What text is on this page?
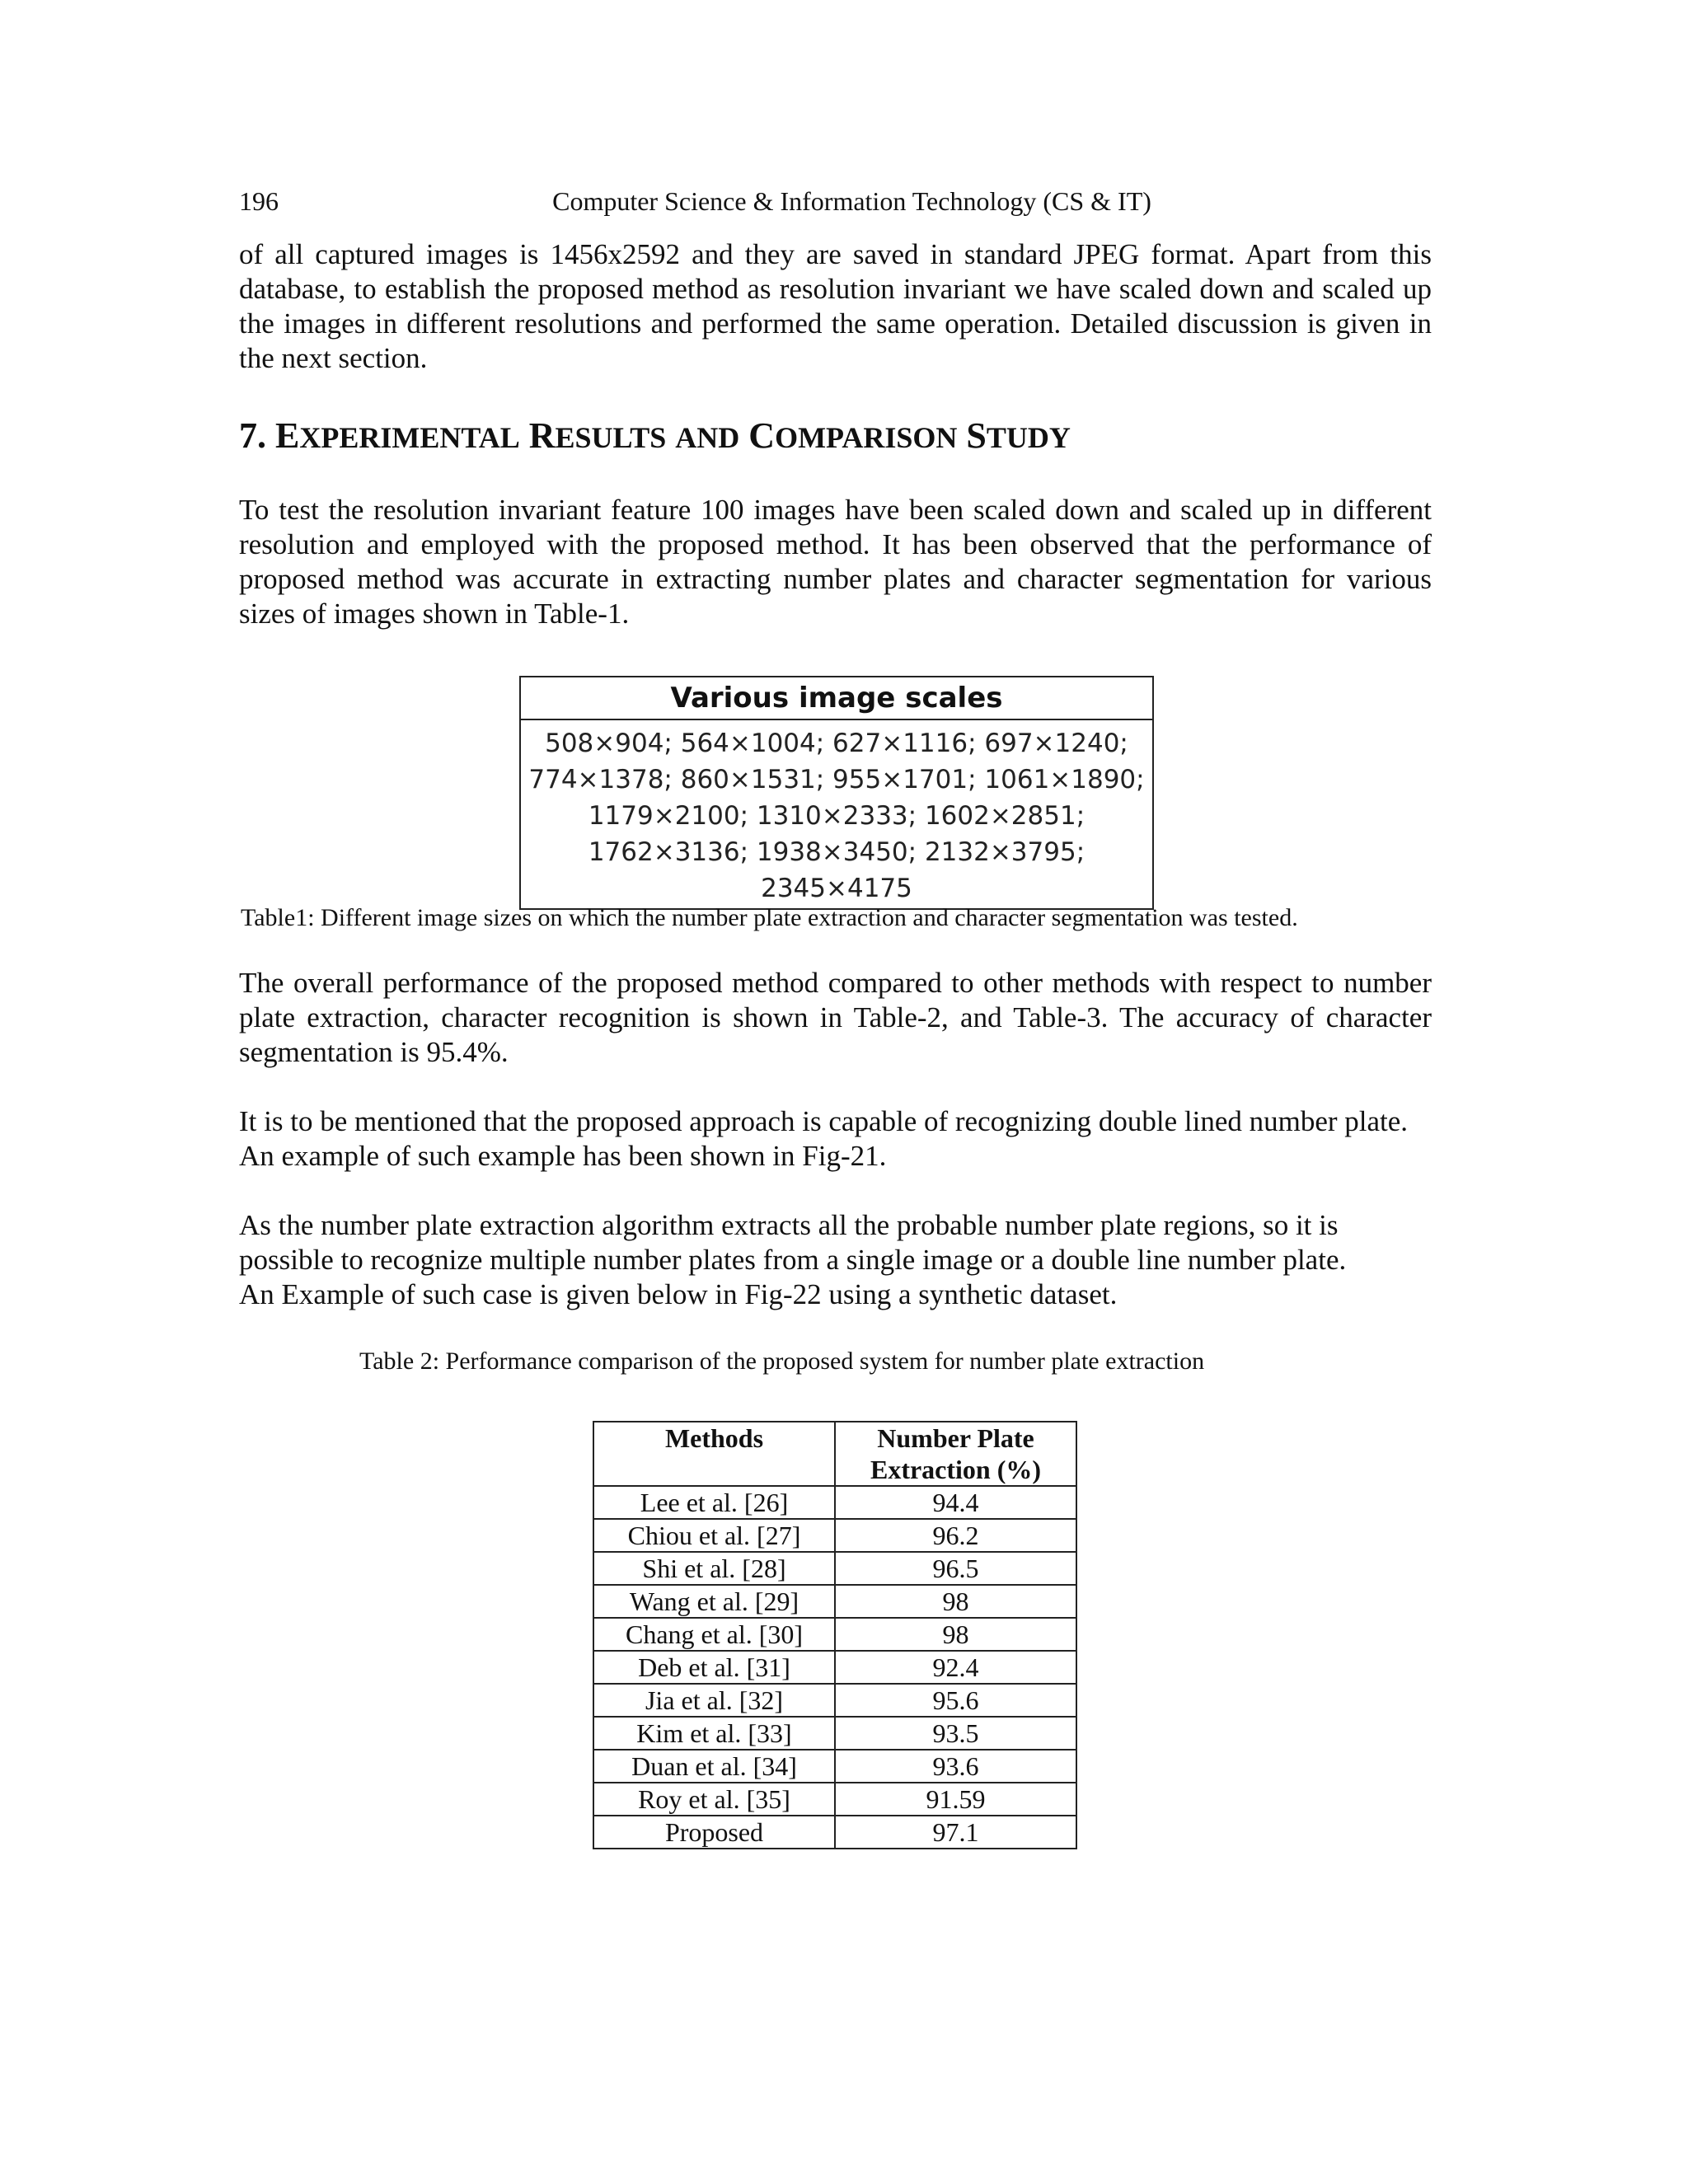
196	Computer Science & Information Technology (CS & IT)

of all captured images is 1456x2592 and they are saved in standard JPEG format. Apart from this database, to establish the proposed method as resolution invariant we have scaled down and scaled up the images in different resolutions and performed the same operation. Detailed discussion is given in the next section.

7. EXPERIMENTAL RESULTS AND COMPARISON STUDY

To test the resolution invariant feature 100 images have been scaled down and scaled up in different resolution and employed with the proposed method. It has been observed that the performance of proposed method was accurate in extracting number plates and character segmentation for various sizes of images shown in Table-1.

Various image scales
508×904; 564×1004; 627×1116; 697×1240;
774×1378; 860×1531; 955×1701; 1061×1890;
1179×2100; 1310×2333; 1602×2851;
1762×3136; 1938×3450; 2132×3795; 2345×4175
Table1: Different image sizes on which the number plate extraction and character segmentation was tested.

The overall performance of the proposed method compared to other methods with respect to number plate extraction, character recognition is shown in Table-2, and Table-3. The accuracy of character segmentation is 95.4%.

It is to be mentioned that the proposed approach is capable of recognizing double lined number plate. An example of such example has been shown in Fig-21.

As the number plate extraction algorithm extracts all the probable number plate regions, so it is
possible to recognize multiple number plates from a single image or a double line number plate.
An Example of such case is given below in Fig-22 using a synthetic dataset.
Table 2: Performance comparison of the proposed system for number plate extraction
Methods	Number Plate
Extraction (%)

Lee et al. [26]	94.4
Chiou et al. [27]	96.2
Shi et al. [28]	96.5
Wang et al. [29]	98
Chang et al. [30]	98
Deb et al. [31]	92.4
Jia et al. [32]	95.6
Kim et al. [33]	93.5
Duan et al. [34]	93.6
Roy et al. [35]	91.59
Proposed	97.1
